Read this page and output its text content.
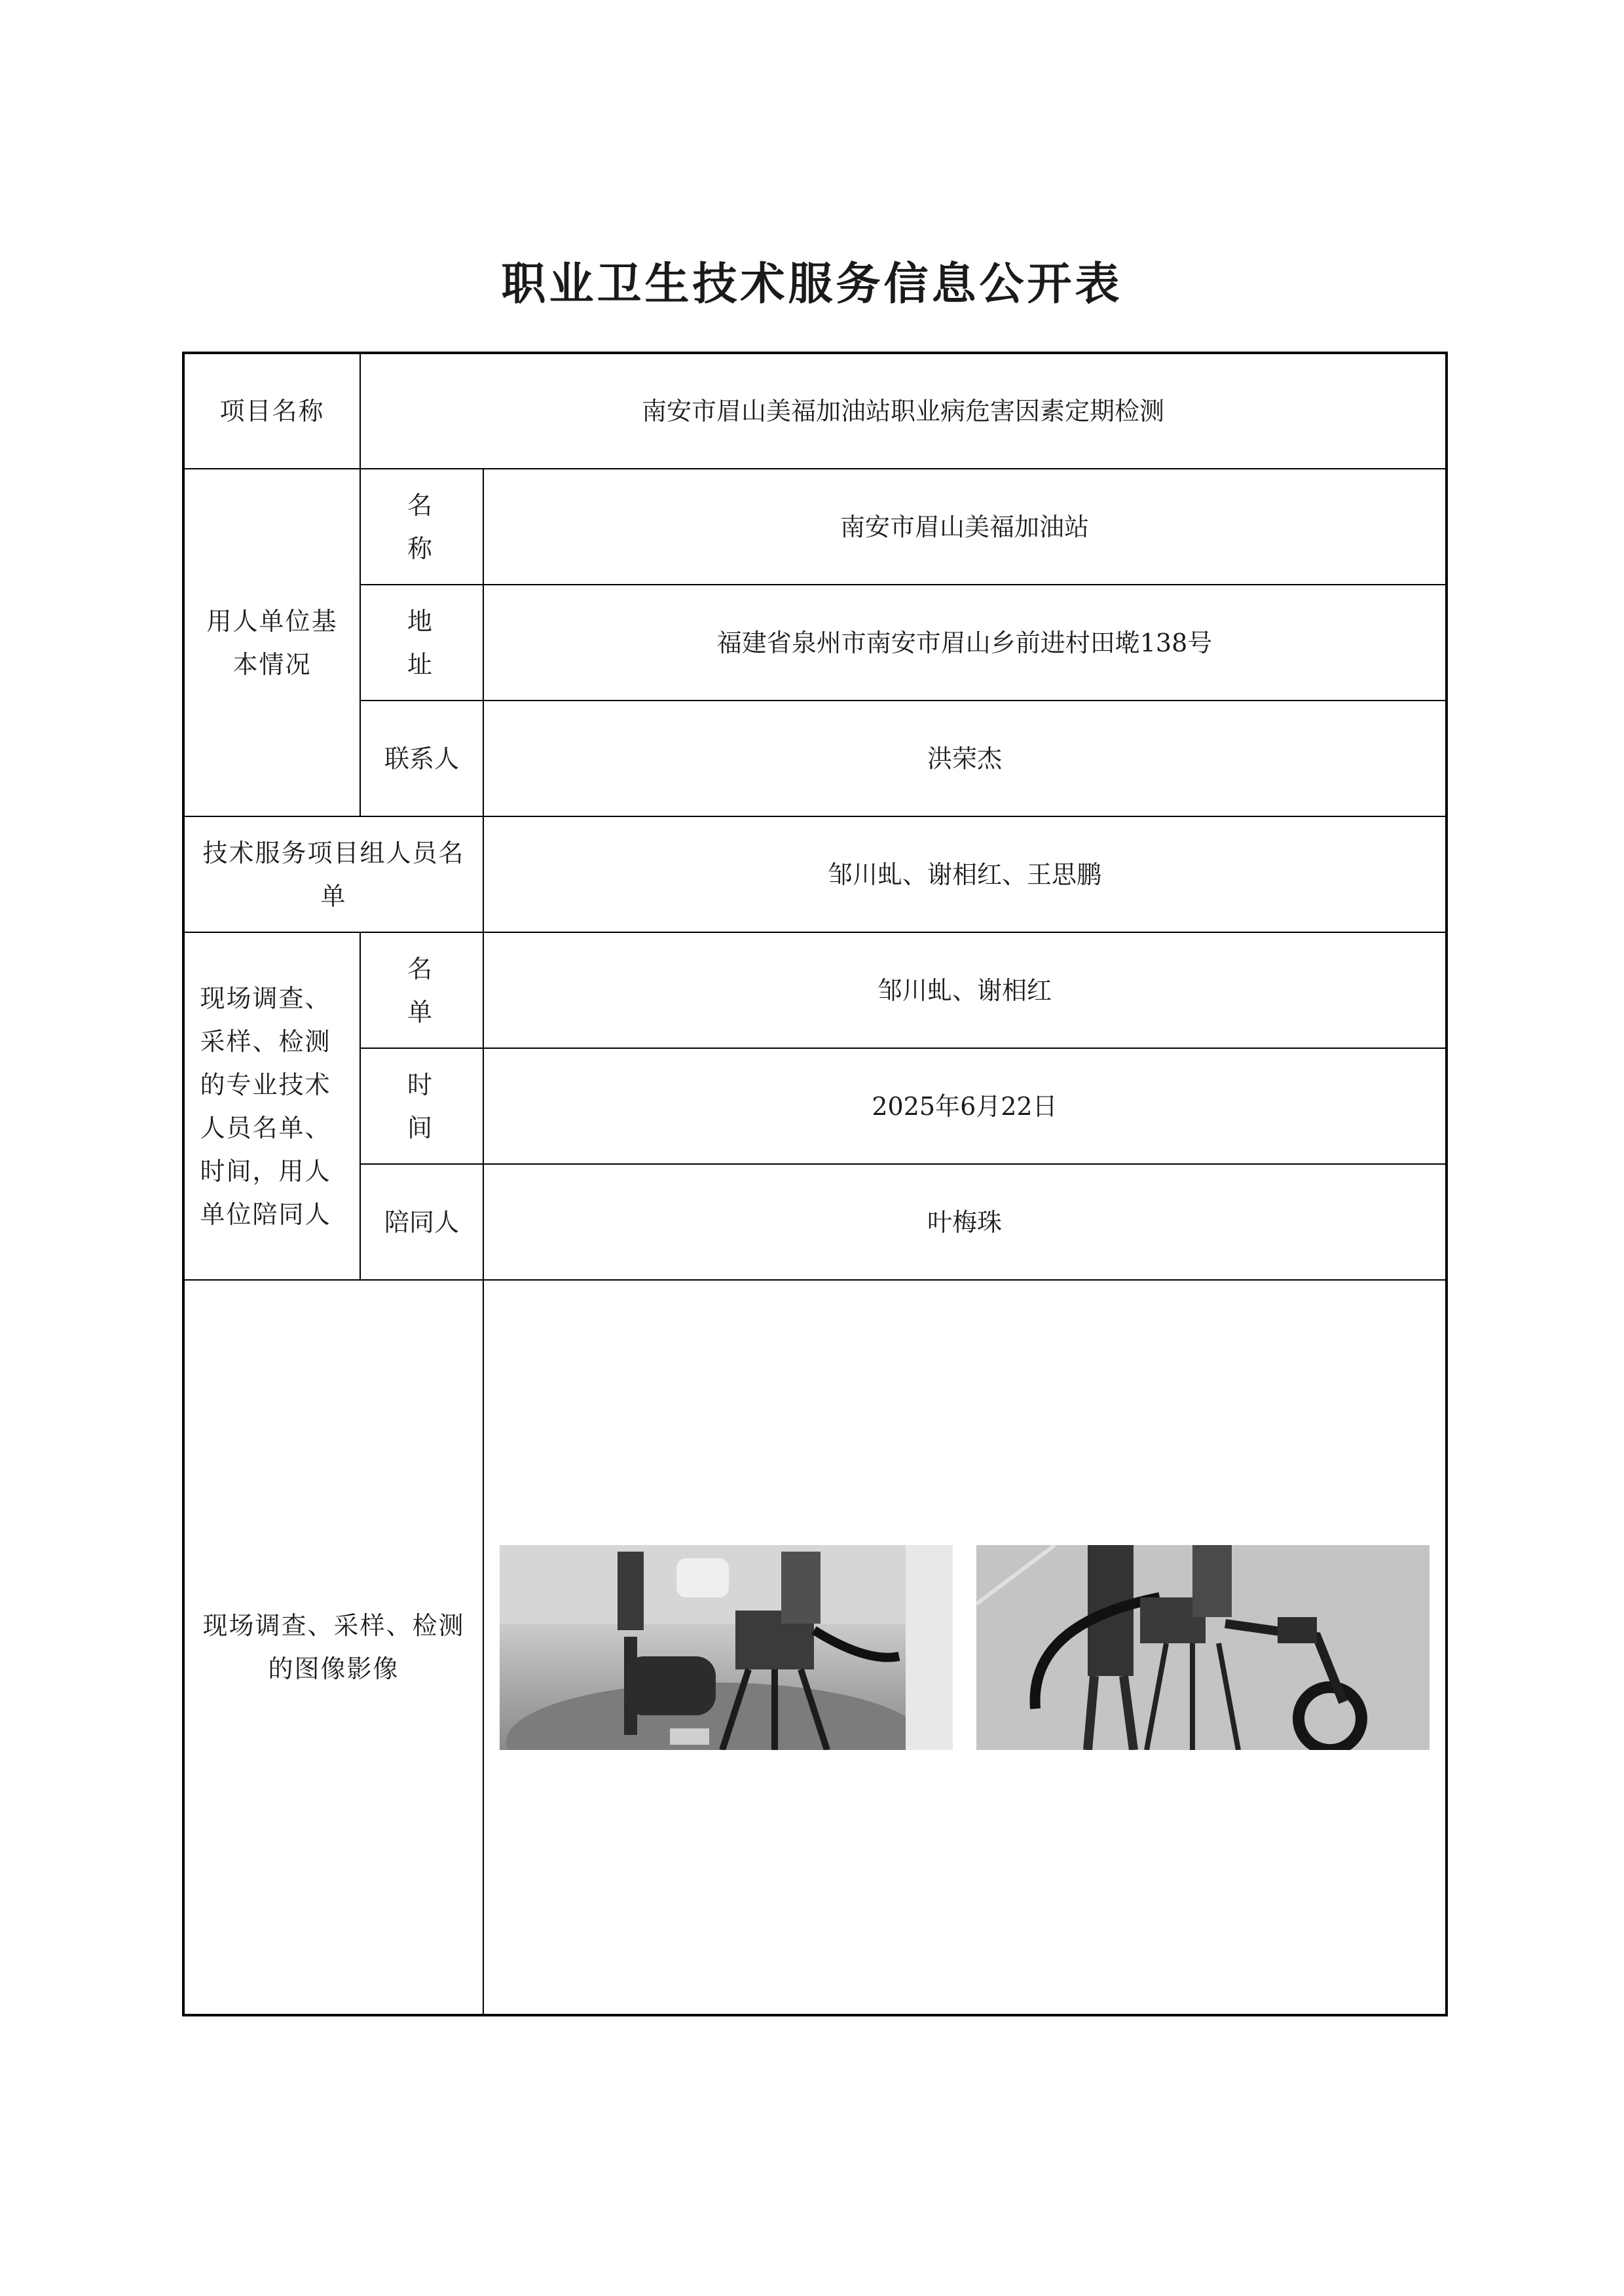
职业卫生技术服务信息公开表
项目名称	南安市眉山美福加油站职业病危害因素定期检测	
用人单位基本情况	名 称	南安市眉山美福加油站
	地 址	福建省泉州市南安市眉山乡前进村田墘138号
	联系人	洪荣杰
技术服务项目组人员名单		邹川虬、谢相红、王思鹏
现场调查、采样、检测的专业技术人员名单、时间，用人单位陪同人	名 单	邹川虬、谢相红
	时 间	2025年6月22日
	陪同人	叶梅珠
现场调查、采样、检测的图像影像	
